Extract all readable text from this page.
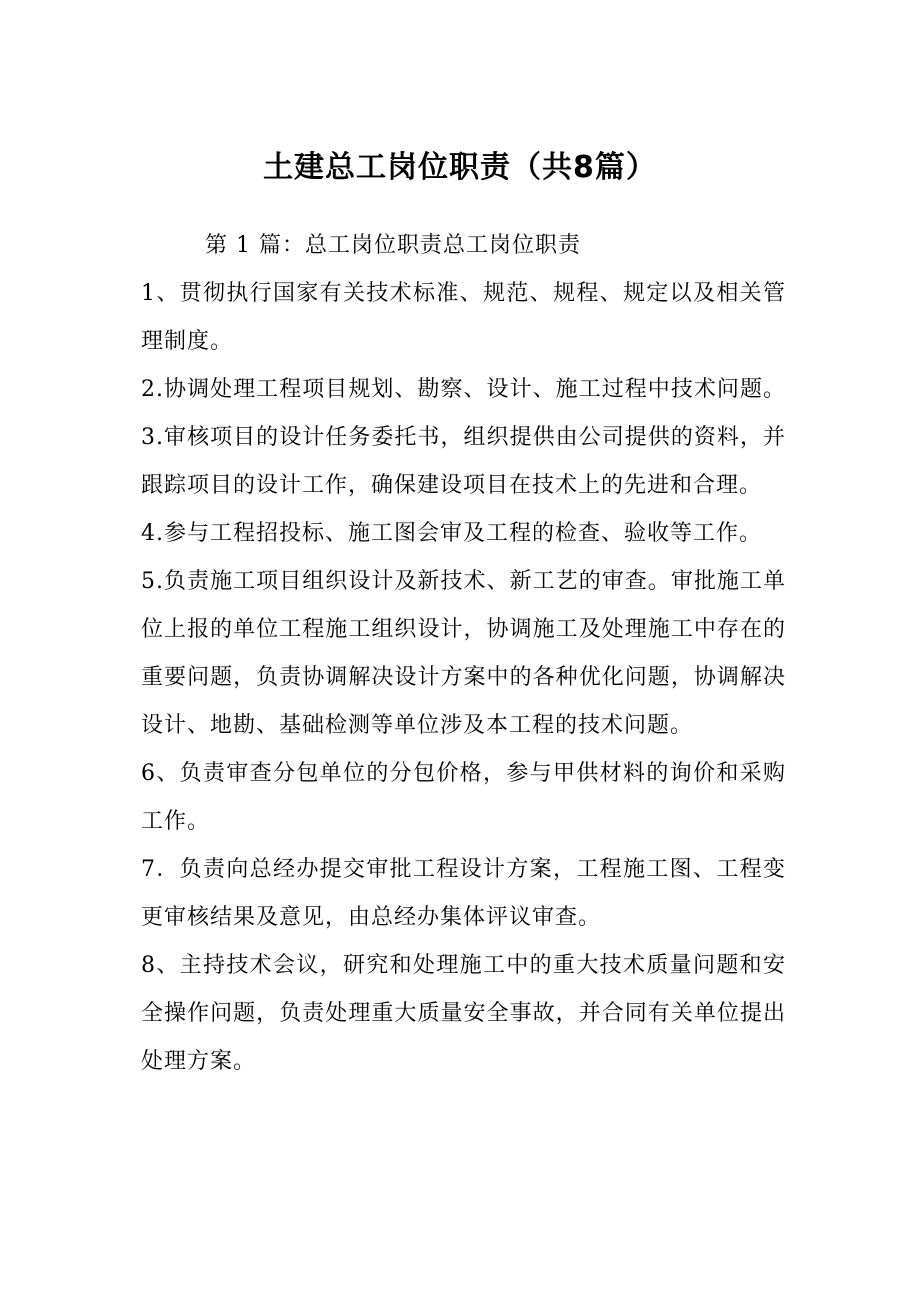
土建总工岗位职责（共8篇）

第 1 篇：总工岗位职责总工岗位职责

1、贯彻执行国家有关技术标准、规范、规程、规定以及相关管理制度。

2.协调处理工程项目规划、勘察、设计、施工过程中技术问题。 3.审核项目的设计任务委托书，组织提供由公司提供的资料，并跟踪项目的设计工作，确保建设项目在技术上的先进和合理。

4.参与工程招投标、施工图会审及工程的检查、验收等工作。

5.负责施工项目组织设计及新技术、新工艺的审查。审批施工单位上报的单位工程施工组织设计，协调施工及处理施工中存在的重要问题，负责协调解决设计方案中的各种优化问题，协调解决设计、地勘、基础检测等单位涉及本工程的技术问题。

6、负责审查分包单位的分包价格，参与甲供材料的询价和采购工作。

7．负责向总经办提交审批工程设计方案，工程施工图、工程变更审核结果及意见，由总经办集体评议审查。

8、主持技术会议，研究和处理施工中的重大技术质量问题和安全操作问题，负责处理重大质量安全事故，并合同有关单位提出处理方案。
